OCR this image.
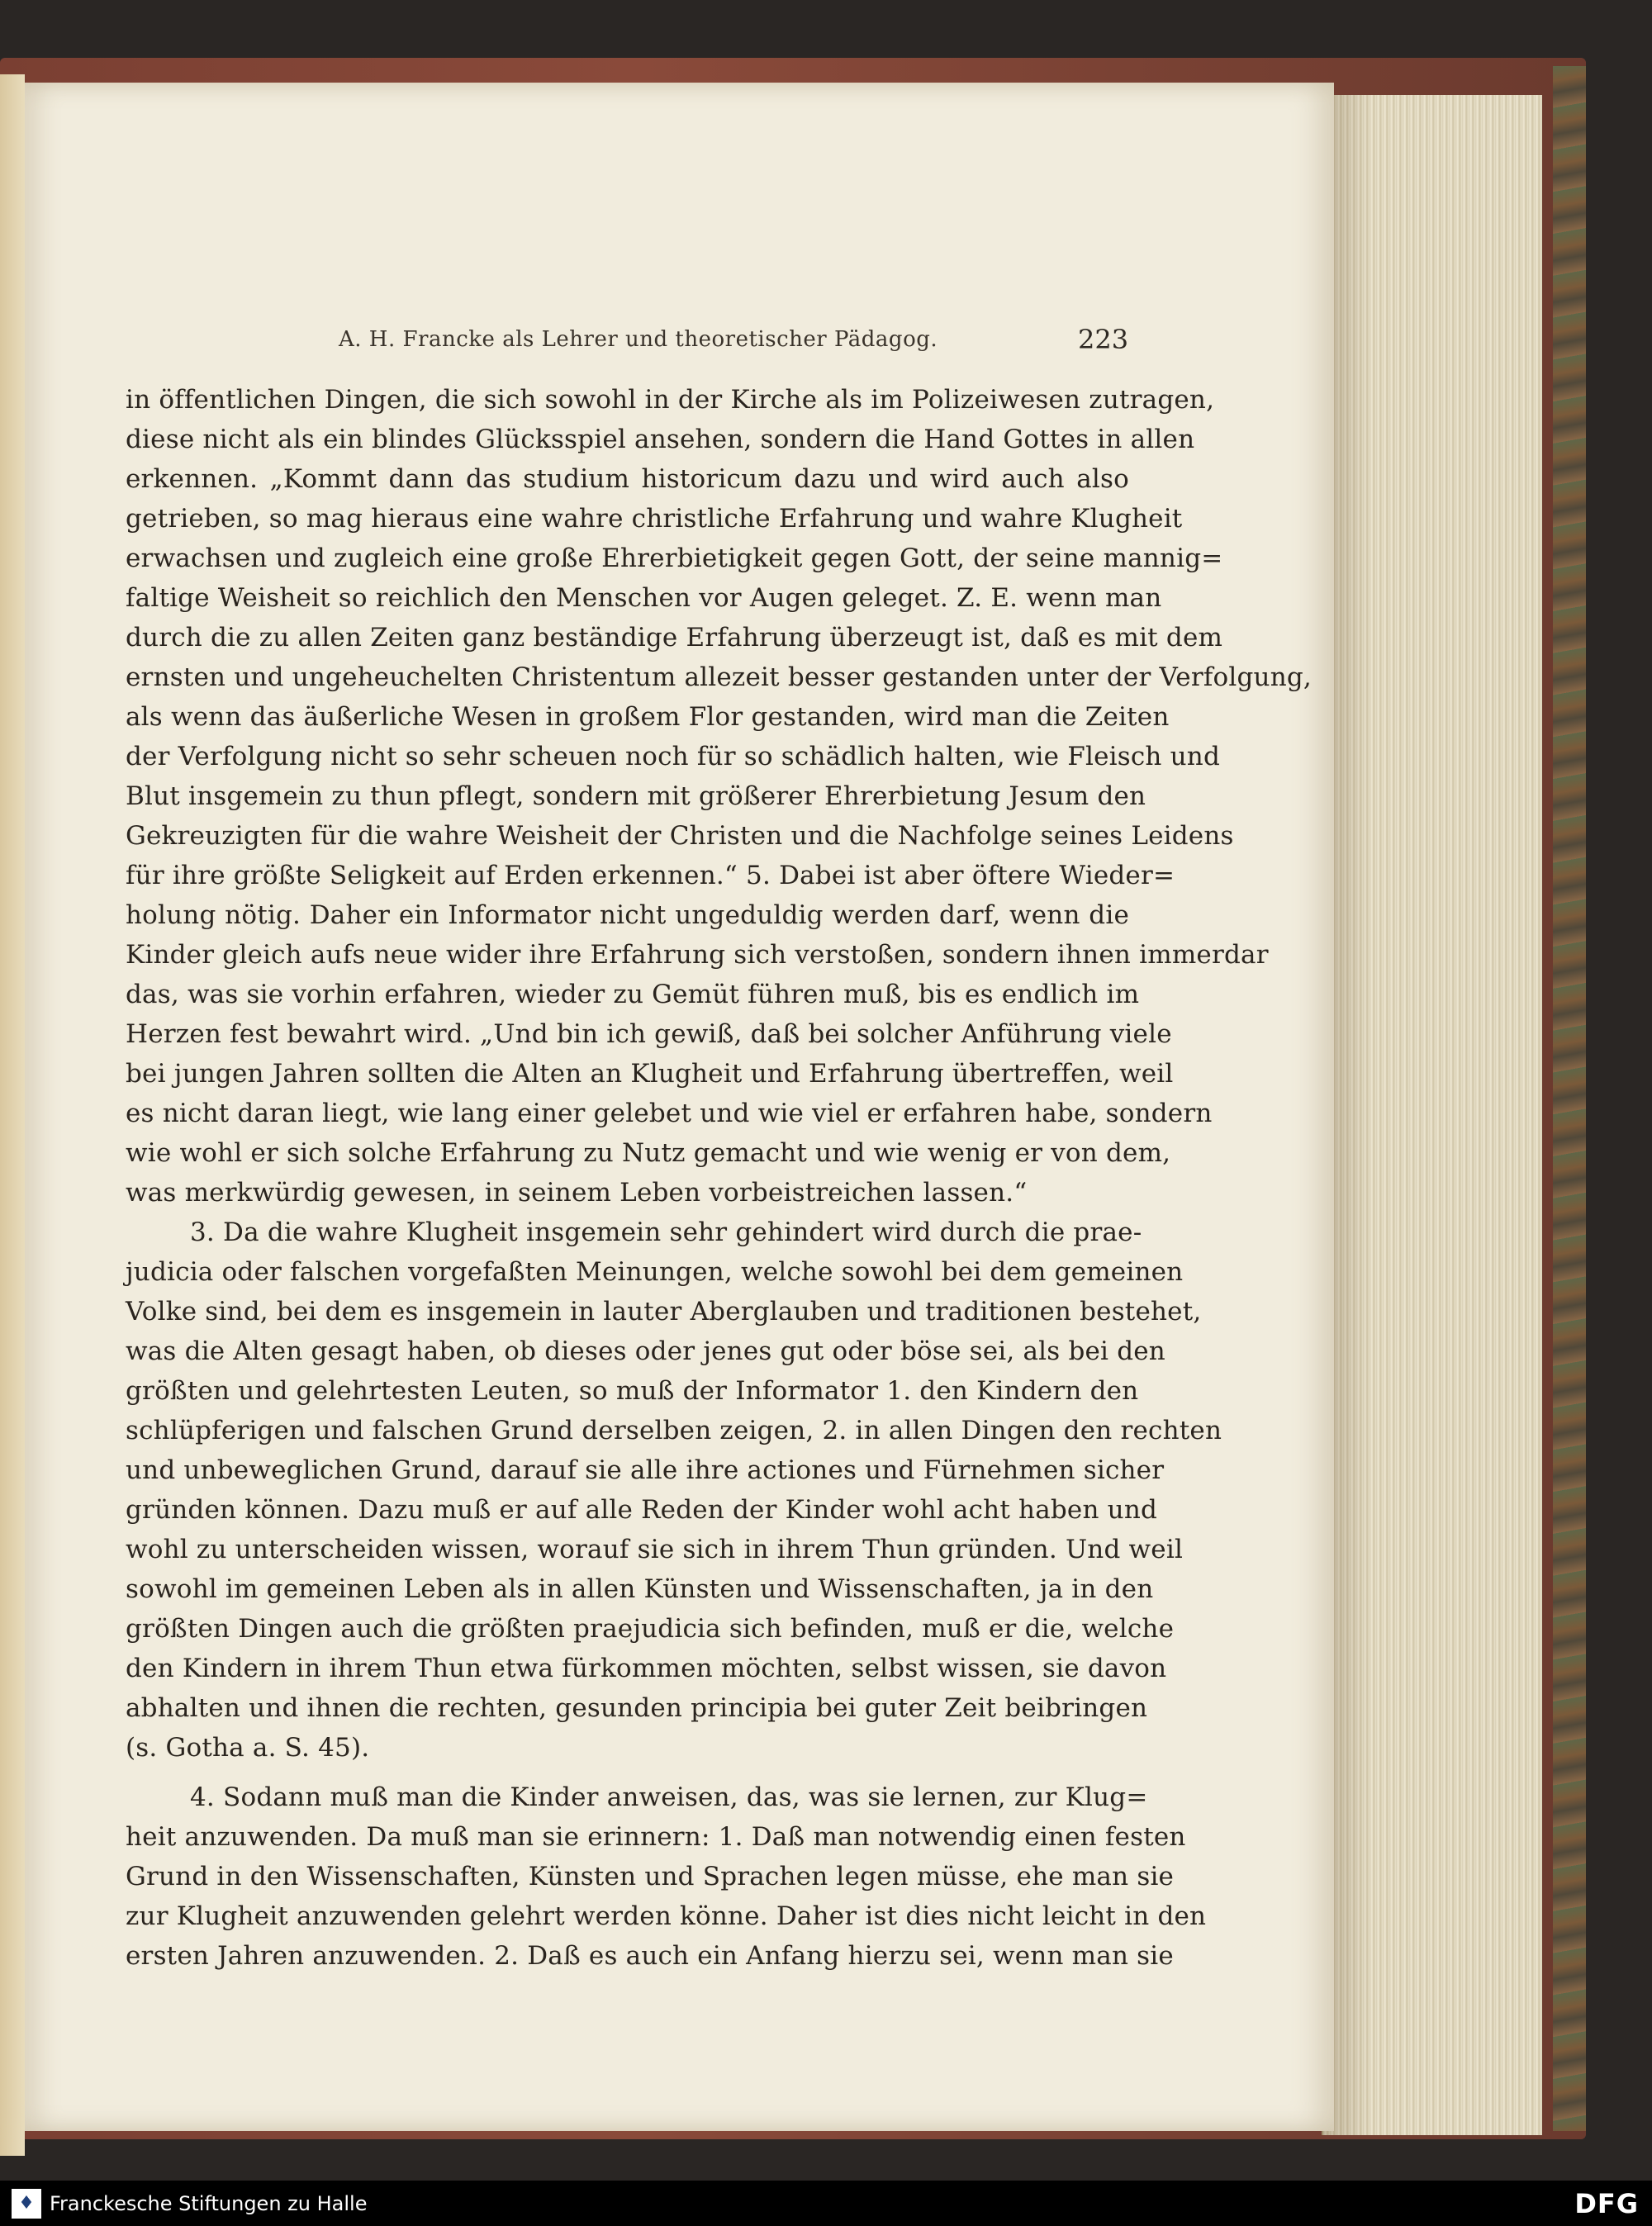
A. H. Francke als Lehrer und theoretischer Pädagog.	223
in öffentlichen Dingen, die sich sowohl in der Kirche als im Polizeiwesen zutragen,
diese nicht als ein blindes Glücksspiel ansehen, sondern die Hand Gottes in allen
erkennen. „Kommt dann das studium historicum dazu und wird auch also
getrieben, so mag hieraus eine wahre christliche Erfahrung und wahre Klugheit
erwachsen und zugleich eine große Ehrerbietigkeit gegen Gott, der seine mannig=
faltige Weisheit so reichlich den Menschen vor Augen geleget. Z. E. wenn man
durch die zu allen Zeiten ganz beständige Erfahrung überzeugt ist, daß es mit dem
ernsten und ungeheuchelten Christentum allezeit besser gestanden unter der Verfolgung,
als wenn das äußerliche Wesen in großem Flor gestanden, wird man die Zeiten
der Verfolgung nicht so sehr scheuen noch für so schädlich halten, wie Fleisch und
Blut insgemein zu thun pflegt, sondern mit größerer Ehrerbietung Jesum den
Gekreuzigten für die wahre Weisheit der Christen und die Nachfolge seines Leidens
für ihre größte Seligkeit auf Erden erkennen.“ 5. Dabei ist aber öftere Wieder=
holung nötig. Daher ein Informator nicht ungeduldig werden darf, wenn die
Kinder gleich aufs neue wider ihre Erfahrung sich verstoßen, sondern ihnen immerdar
das, was sie vorhin erfahren, wieder zu Gemüt führen muß, bis es endlich im
Herzen fest bewahrt wird. „Und bin ich gewiß, daß bei solcher Anführung viele
bei jungen Jahren sollten die Alten an Klugheit und Erfahrung übertreffen, weil
es nicht daran liegt, wie lang einer gelebet und wie viel er erfahren habe, sondern
wie wohl er sich solche Erfahrung zu Nutz gemacht und wie wenig er von dem,
was merkwürdig gewesen, in seinem Leben vorbeistreichen lassen.“
3. Da die wahre Klugheit insgemein sehr gehindert wird durch die prae-
judicia oder falschen vorgefaßten Meinungen, welche sowohl bei dem gemeinen
Volke sind, bei dem es insgemein in lauter Aberglauben und traditionen bestehet,
was die Alten gesagt haben, ob dieses oder jenes gut oder böse sei, als bei den
größten und gelehrtesten Leuten, so muß der Informator 1. den Kindern den
schlüpferigen und falschen Grund derselben zeigen, 2. in allen Dingen den rechten
und unbeweglichen Grund, darauf sie alle ihre actiones und Fürnehmen sicher
gründen können. Dazu muß er auf alle Reden der Kinder wohl acht haben und
wohl zu unterscheiden wissen, worauf sie sich in ihrem Thun gründen. Und weil
sowohl im gemeinen Leben als in allen Künsten und Wissenschaften, ja in den
größten Dingen auch die größten praejudicia sich befinden, muß er die, welche
den Kindern in ihrem Thun etwa fürkommen möchten, selbst wissen, sie davon
abhalten und ihnen die rechten, gesunden principia bei guter Zeit beibringen
(s. Gotha a. S. 45).
4. Sodann muß man die Kinder anweisen, das, was sie lernen, zur Klug=
heit anzuwenden. Da muß man sie erinnern: 1. Daß man notwendig einen festen
Grund in den Wissenschaften, Künsten und Sprachen legen müsse, ehe man sie
zur Klugheit anzuwenden gelehrt werden könne. Daher ist dies nicht leicht in den
ersten Jahren anzuwenden. 2. Daß es auch ein Anfang hierzu sei, wenn man sie
♦ Franckesche Stiftungen zu Halle	DFG
